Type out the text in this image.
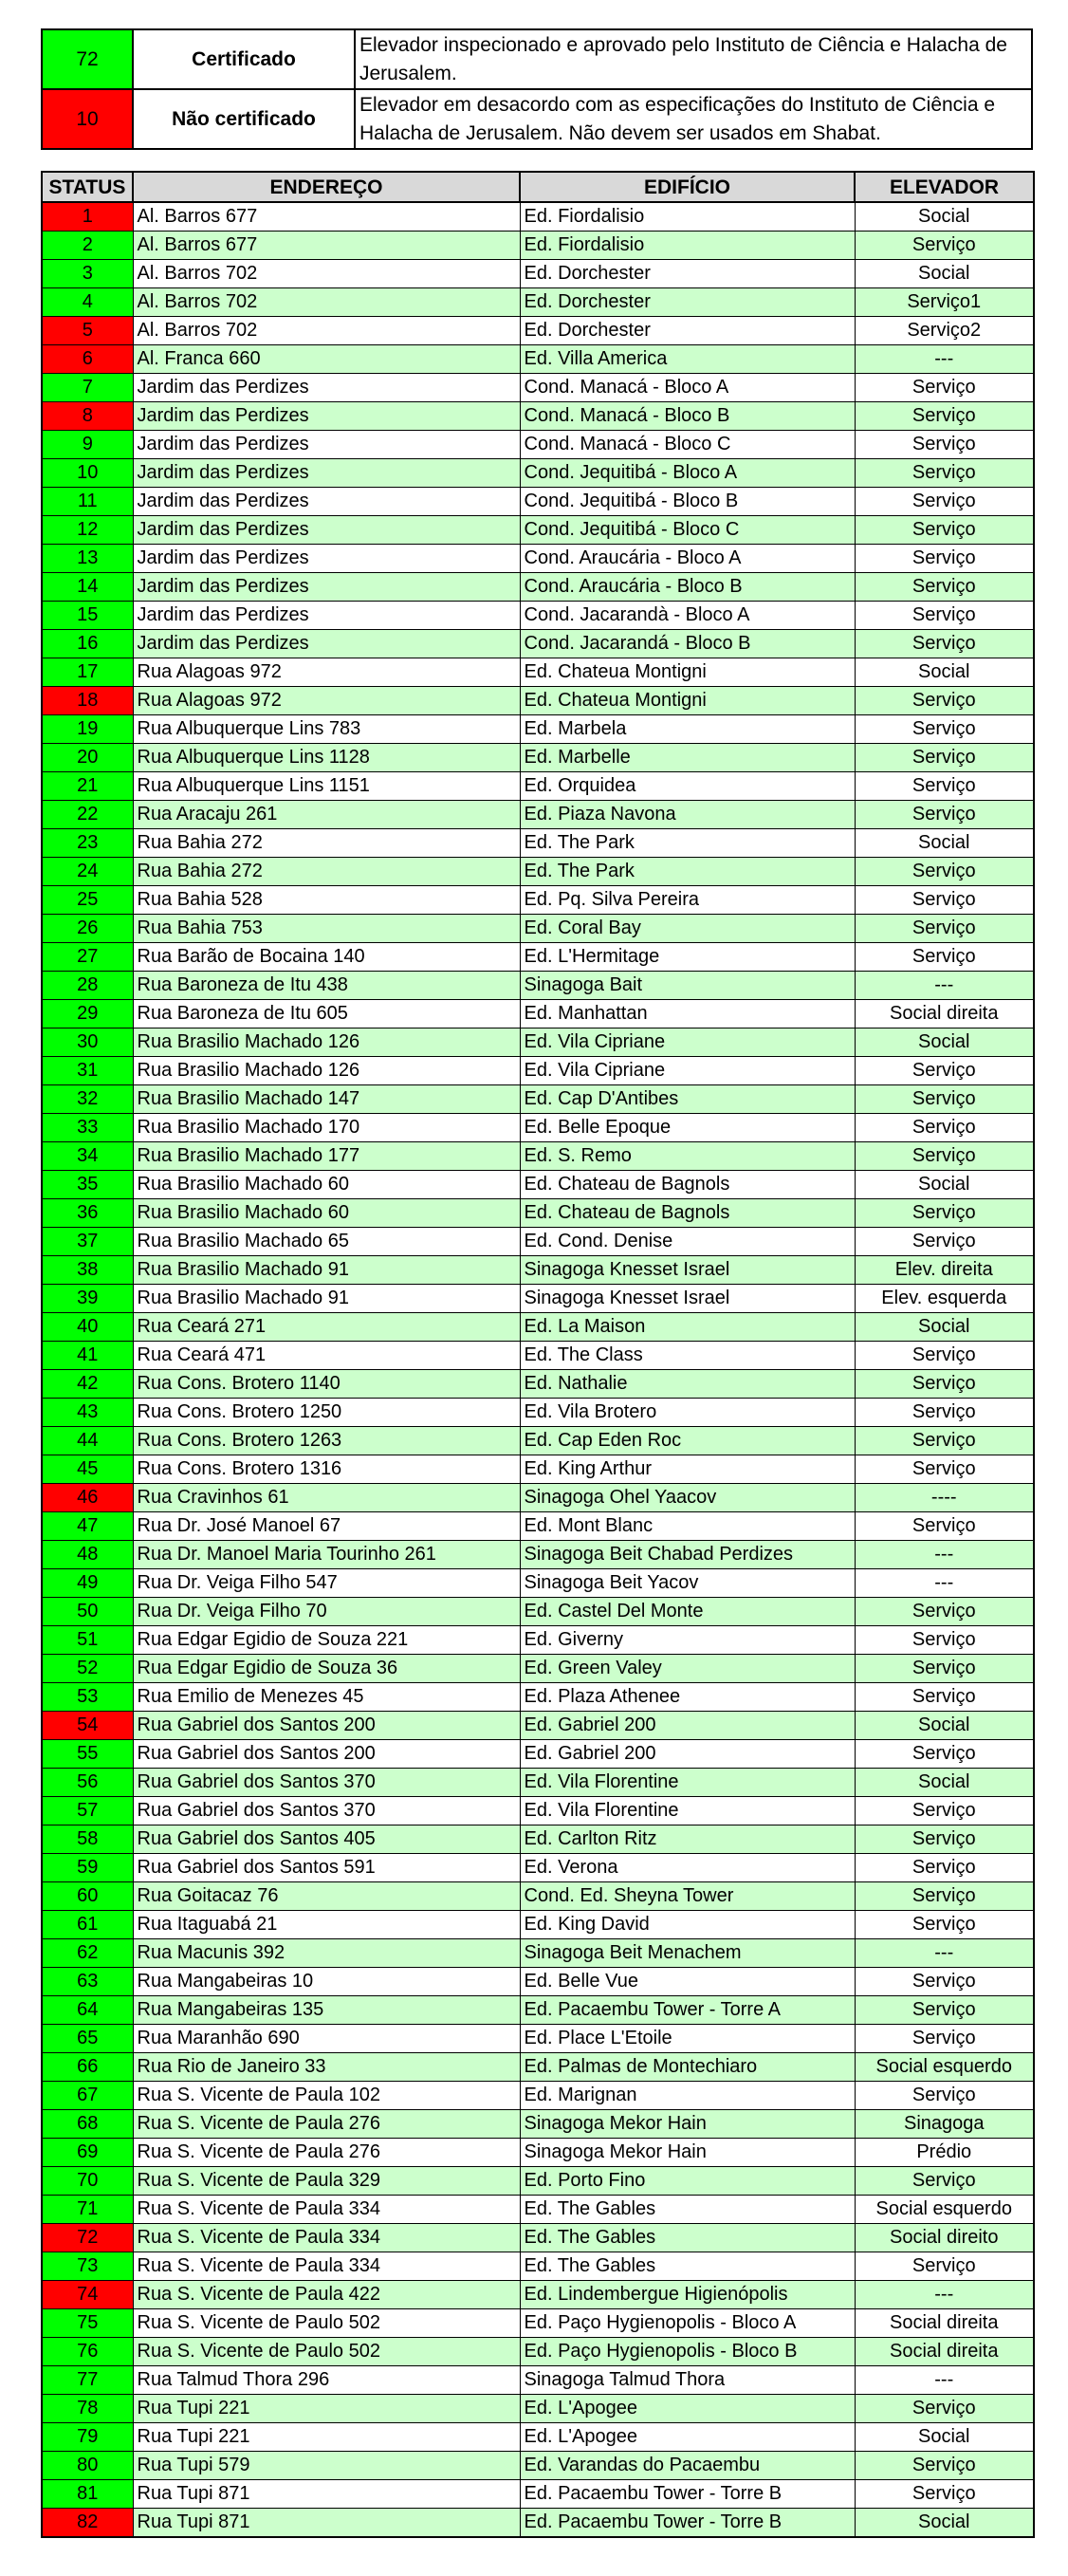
72	Certificado	Elevador inspecionado e aprovado pelo Instituto de Ciência e Halacha de Jerusalem.
10	Não certificado	Elevador em desacordo com as especificações do Instituto de Ciência e Halacha de Jerusalem. Não devem ser usados em Shabat.
STATUS	ENDEREÇO	EDIFÍCIO	ELEVADOR
1	Al. Barros 677	Ed. Fiordalisio	Social
2	Al. Barros 677	Ed. Fiordalisio	Serviço
3	Al. Barros 702	Ed. Dorchester	Social
4	Al. Barros 702	Ed. Dorchester	Serviço1
5	Al. Barros 702	Ed. Dorchester	Serviço2
6	Al. Franca 660	Ed. Villa America	---
7	Jardim das Perdizes	Cond. Manacá - Bloco A	Serviço
8	Jardim das Perdizes	Cond. Manacá - Bloco B	Serviço
9	Jardim das Perdizes	Cond. Manacá - Bloco C	Serviço
10	Jardim das Perdizes	Cond. Jequitibá - Bloco A	Serviço
11	Jardim das Perdizes	Cond. Jequitibá - Bloco B	Serviço
12	Jardim das Perdizes	Cond. Jequitibá - Bloco C	Serviço
13	Jardim das Perdizes	Cond. Araucária - Bloco A	Serviço
14	Jardim das Perdizes	Cond. Araucária - Bloco B	Serviço
15	Jardim das Perdizes	Cond. Jacarandà - Bloco A	Serviço
16	Jardim das Perdizes	Cond. Jacarandá - Bloco B	Serviço
17	Rua Alagoas 972	Ed. Chateua Montigni	Social
18	Rua Alagoas 972	Ed. Chateua Montigni	Serviço
19	Rua Albuquerque Lins 783	Ed. Marbela	Serviço
20	Rua Albuquerque Lins 1128	Ed. Marbelle	Serviço
21	Rua Albuquerque Lins 1151	Ed. Orquidea	Serviço
22	Rua Aracaju 261	Ed. Piaza Navona	Serviço
23	Rua Bahia 272	Ed. The Park	Social
24	Rua Bahia 272	Ed. The Park	Serviço
25	Rua Bahia 528	Ed. Pq. Silva Pereira	Serviço
26	Rua Bahia 753	Ed. Coral Bay	Serviço
27	Rua Barão de Bocaina 140	Ed. L'Hermitage	Serviço
28	Rua Baroneza de Itu 438	Sinagoga Bait	---
29	Rua Baroneza de Itu 605	Ed. Manhattan	Social direita
30	Rua Brasilio Machado 126	Ed. Vila Cipriane	Social
31	Rua Brasilio Machado 126	Ed. Vila Cipriane	Serviço
32	Rua Brasilio Machado 147	Ed. Cap D'Antibes	Serviço
33	Rua Brasilio Machado 170	Ed. Belle Epoque	Serviço
34	Rua Brasilio Machado 177	Ed. S. Remo	Serviço
35	Rua Brasilio Machado 60	Ed. Chateau de Bagnols	Social
36	Rua Brasilio Machado 60	Ed. Chateau de Bagnols	Serviço
37	Rua Brasilio Machado 65	Ed. Cond. Denise	Serviço
38	Rua Brasilio Machado 91	Sinagoga Knesset Israel	Elev. direita
39	Rua Brasilio Machado 91	Sinagoga Knesset Israel	Elev. esquerda
40	Rua Ceará 271	Ed. La Maison	Social
41	Rua Ceará 471	Ed. The Class	Serviço
42	Rua Cons. Brotero 1140	Ed. Nathalie	Serviço
43	Rua Cons. Brotero 1250	Ed. Vila Brotero	Serviço
44	Rua Cons. Brotero 1263	Ed. Cap Eden Roc	Serviço
45	Rua Cons. Brotero 1316	Ed. King Arthur	Serviço
46	Rua Cravinhos 61	Sinagoga Ohel Yaacov	----
47	Rua Dr. José Manoel 67	Ed. Mont Blanc	Serviço
48	Rua Dr. Manoel Maria Tourinho 261	Sinagoga Beit Chabad Perdizes	---
49	Rua Dr. Veiga Filho 547	Sinagoga Beit Yacov	---
50	Rua Dr. Veiga Filho 70	Ed. Castel Del Monte	Serviço
51	Rua Edgar Egidio de Souza 221	Ed. Giverny	Serviço
52	Rua Edgar Egidio de Souza 36	Ed. Green Valey	Serviço
53	Rua Emilio de Menezes 45	Ed. Plaza Athenee	Serviço
54	Rua Gabriel dos Santos 200	Ed. Gabriel 200	Social
55	Rua Gabriel dos Santos 200	Ed. Gabriel 200	Serviço
56	Rua Gabriel dos Santos 370	Ed. Vila Florentine	Social
57	Rua Gabriel dos Santos 370	Ed. Vila Florentine	Serviço
58	Rua Gabriel dos Santos 405	Ed. Carlton Ritz	Serviço
59	Rua Gabriel dos Santos 591	Ed. Verona	Serviço
60	Rua Goitacaz 76	Cond. Ed. Sheyna Tower	Serviço
61	Rua Itaguabá 21	Ed. King David	Serviço
62	Rua Macunis 392	Sinagoga Beit Menachem	---
63	Rua Mangabeiras 10	Ed. Belle Vue	Serviço
64	Rua Mangabeiras 135	Ed. Pacaembu Tower - Torre A	Serviço
65	Rua Maranhão 690	Ed. Place L'Etoile	Serviço
66	Rua Rio de Janeiro 33	Ed. Palmas de Montechiaro	Social esquerdo
67	Rua S. Vicente de Paula 102	Ed. Marignan	Serviço
68	Rua S. Vicente de Paula 276	Sinagoga Mekor Hain	Sinagoga
69	Rua S. Vicente de Paula 276	Sinagoga Mekor Hain	Prédio
70	Rua S. Vicente de Paula 329	Ed. Porto Fino	Serviço
71	Rua S. Vicente de Paula 334	Ed. The Gables	Social esquerdo
72	Rua S. Vicente de Paula 334	Ed. The Gables	Social direito
73	Rua S. Vicente de Paula 334	Ed. The Gables	Serviço
74	Rua S. Vicente de Paula 422	Ed. Lindembergue Higienópolis	---
75	Rua S. Vicente de Paulo 502	Ed. Paço Hygienopolis - Bloco A	Social direita
76	Rua S. Vicente de Paulo 502	Ed. Paço Hygienopolis - Bloco B	Social direita
77	Rua Talmud Thora 296	Sinagoga Talmud Thora	---
78	Rua Tupi 221	Ed. L'Apogee	Serviço
79	Rua Tupi 221	Ed. L'Apogee	Social
80	Rua Tupi 579	Ed. Varandas do Pacaembu	Serviço
81	Rua Tupi 871	Ed. Pacaembu Tower - Torre B	Serviço
82	Rua Tupi 871	Ed. Pacaembu Tower - Torre B	Social
